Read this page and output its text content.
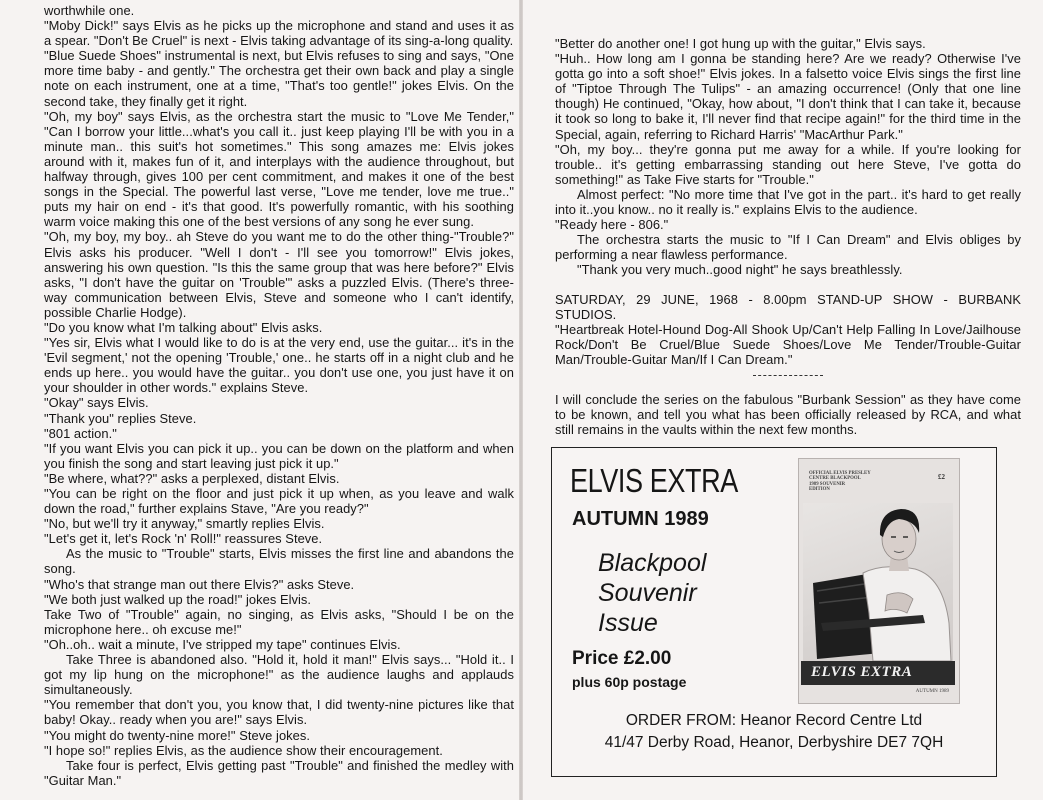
worthwhile one.

"Moby Dick!" says Elvis as he picks up the microphone and stand and uses it as a spear. "Don't Be Cruel" is next - Elvis taking advantage of its sing-a-long quality.

"Blue Suede Shoes" instrumental is next, but Elvis refuses to sing and says, "One more time baby - and gently." The orchestra get their own back and play a single note on each instrument, one at a time, "That's too gentle!" jokes Elvis. On the second take, they finally get it right.

"Oh, my boy" says Elvis, as the orchestra start the music to "Love Me Tender," "Can I borrow your little...what's you call it.. just keep playing I'll be with you in a minute man.. this suit's hot sometimes." This song amazes me: Elvis jokes around with it, makes fun of it, and interplays with the audience throughout, but halfway through, gives 100 per cent commitment, and makes it one of the best songs in the Special. The powerful last verse, "Love me tender, love me true.." puts my hair on end - it's that good. It's powerfully romantic, with his soothing warm voice making this one of the best versions of any song he ever sung.

"Oh, my boy, my boy.. ah Steve do you want me to do the other thing-"Trouble?" Elvis asks his producer. "Well I don't - I'll see you tomorrow!" Elvis jokes, answering his own question. "Is this the same group that was here before?" Elvis asks, "I don't have the guitar on 'Trouble'" asks a puzzled Elvis. (There's three-way communication between Elvis, Steve and someone who I can't identify, possible Charlie Hodge).

"Do you know what I'm talking about" Elvis asks.

"Yes sir, Elvis what I would like to do is at the very end, use the guitar... it's in the 'Evil segment,' not the opening 'Trouble,' one.. he starts off in a night club and he ends up here.. you would have the guitar.. you don't use one, you just have it on your shoulder in other words." explains Steve.

"Okay" says Elvis.

"Thank you" replies Steve.

"801 action."

"If you want Elvis you can pick it up.. you can be down on the platform and when you finish the song and start leaving just pick it up."

"Be where, what??" asks a perplexed, distant Elvis.

"You can be right on the floor and just pick it up when, as you leave and walk down the road," further explains Stave, "Are you ready?"

"No, but we'll try it anyway," smartly replies Elvis.

"Let's get it, let's Rock 'n' Roll!" reassures Steve.

As the music to "Trouble" starts, Elvis misses the first line and abandons the song.

"Who's that strange man out there Elvis?" asks Steve.

"We both just walked up the road!" jokes Elvis.

Take Two of "Trouble" again, no singing, as Elvis asks, "Should I be on the microphone here.. oh excuse me!"

"Oh..oh.. wait a minute, I've stripped my tape" continues Elvis.

Take Three is abandoned also. "Hold it, hold it man!" Elvis says... "Hold it.. I got my lip hung on the microphone!" as the audience laughs and applauds simultaneously.

"You remember that don't you, you know that, I did twenty-nine pictures like that baby! Okay.. ready when you are!" says Elvis.

"You might do twenty-nine more!" Steve jokes.

"I hope so!" replies Elvis, as the audience show their encouragement.

Take four is perfect, Elvis getting past "Trouble" and finished the medley with "Guitar Man."

"Better do another one! I got hung up with the guitar," Elvis says.

"Huh.. How long am I gonna be standing here? Are we ready? Otherwise I've gotta go into a soft shoe!" Elvis jokes. In a falsetto voice Elvis sings the first line of "Tiptoe Through The Tulips" - an amazing occurrence! (Only that one line though) He continued, "Okay, how about, "I don't think that I can take it, because it took so long to bake it, I'll never find that recipe again!" for the third time in the Special, again, referring to Richard Harris' "MacArthur Park."

"Oh, my boy... they're gonna put me away for a while. If you're looking for trouble.. it's getting embarrassing standing out here Steve, I've gotta do something!" as Take Five starts for "Trouble."

Almost perfect: "No more time that I've got in the part.. it's hard to get really into it..you know.. no it really is." explains Elvis to the audience.

"Ready here - 806."

The orchestra starts the music to "If I Can Dream" and Elvis obliges by performing a near flawless performance.

"Thank you very much..good night" he says breathlessly.

SATURDAY, 29 JUNE, 1968 - 8.00pm STAND-UP SHOW - BURBANK STUDIOS.

"Heartbreak Hotel-Hound Dog-All Shook Up/Can't Help Falling In Love/Jailhouse Rock/Don't Be Cruel/Blue Suede Shoes/Love Me Tender/Trouble-Guitar Man/Trouble-Guitar Man/If I Can Dream."

I will conclude the series on the fabulous "Burbank Session" as they have come to be known, and tell you what has been officially released by RCA, and what still remains in the vaults within the next few months.

ELVIS EXTRA
AUTUMN 1989
Blackpool
Souvenir
Issue
Price £2.00
plus 60p postage
ORDER FROM: Heanor Record Centre Ltd
41/47 Derby Road, Heanor, Derbyshire DE7 7QH
OFFICIAL ELVIS PRESLEY
CENTRE BLACKPOOL
1989 SOUVENIR
EDITION
£2
ELVIS EXTRA
AUTUMN 1989
